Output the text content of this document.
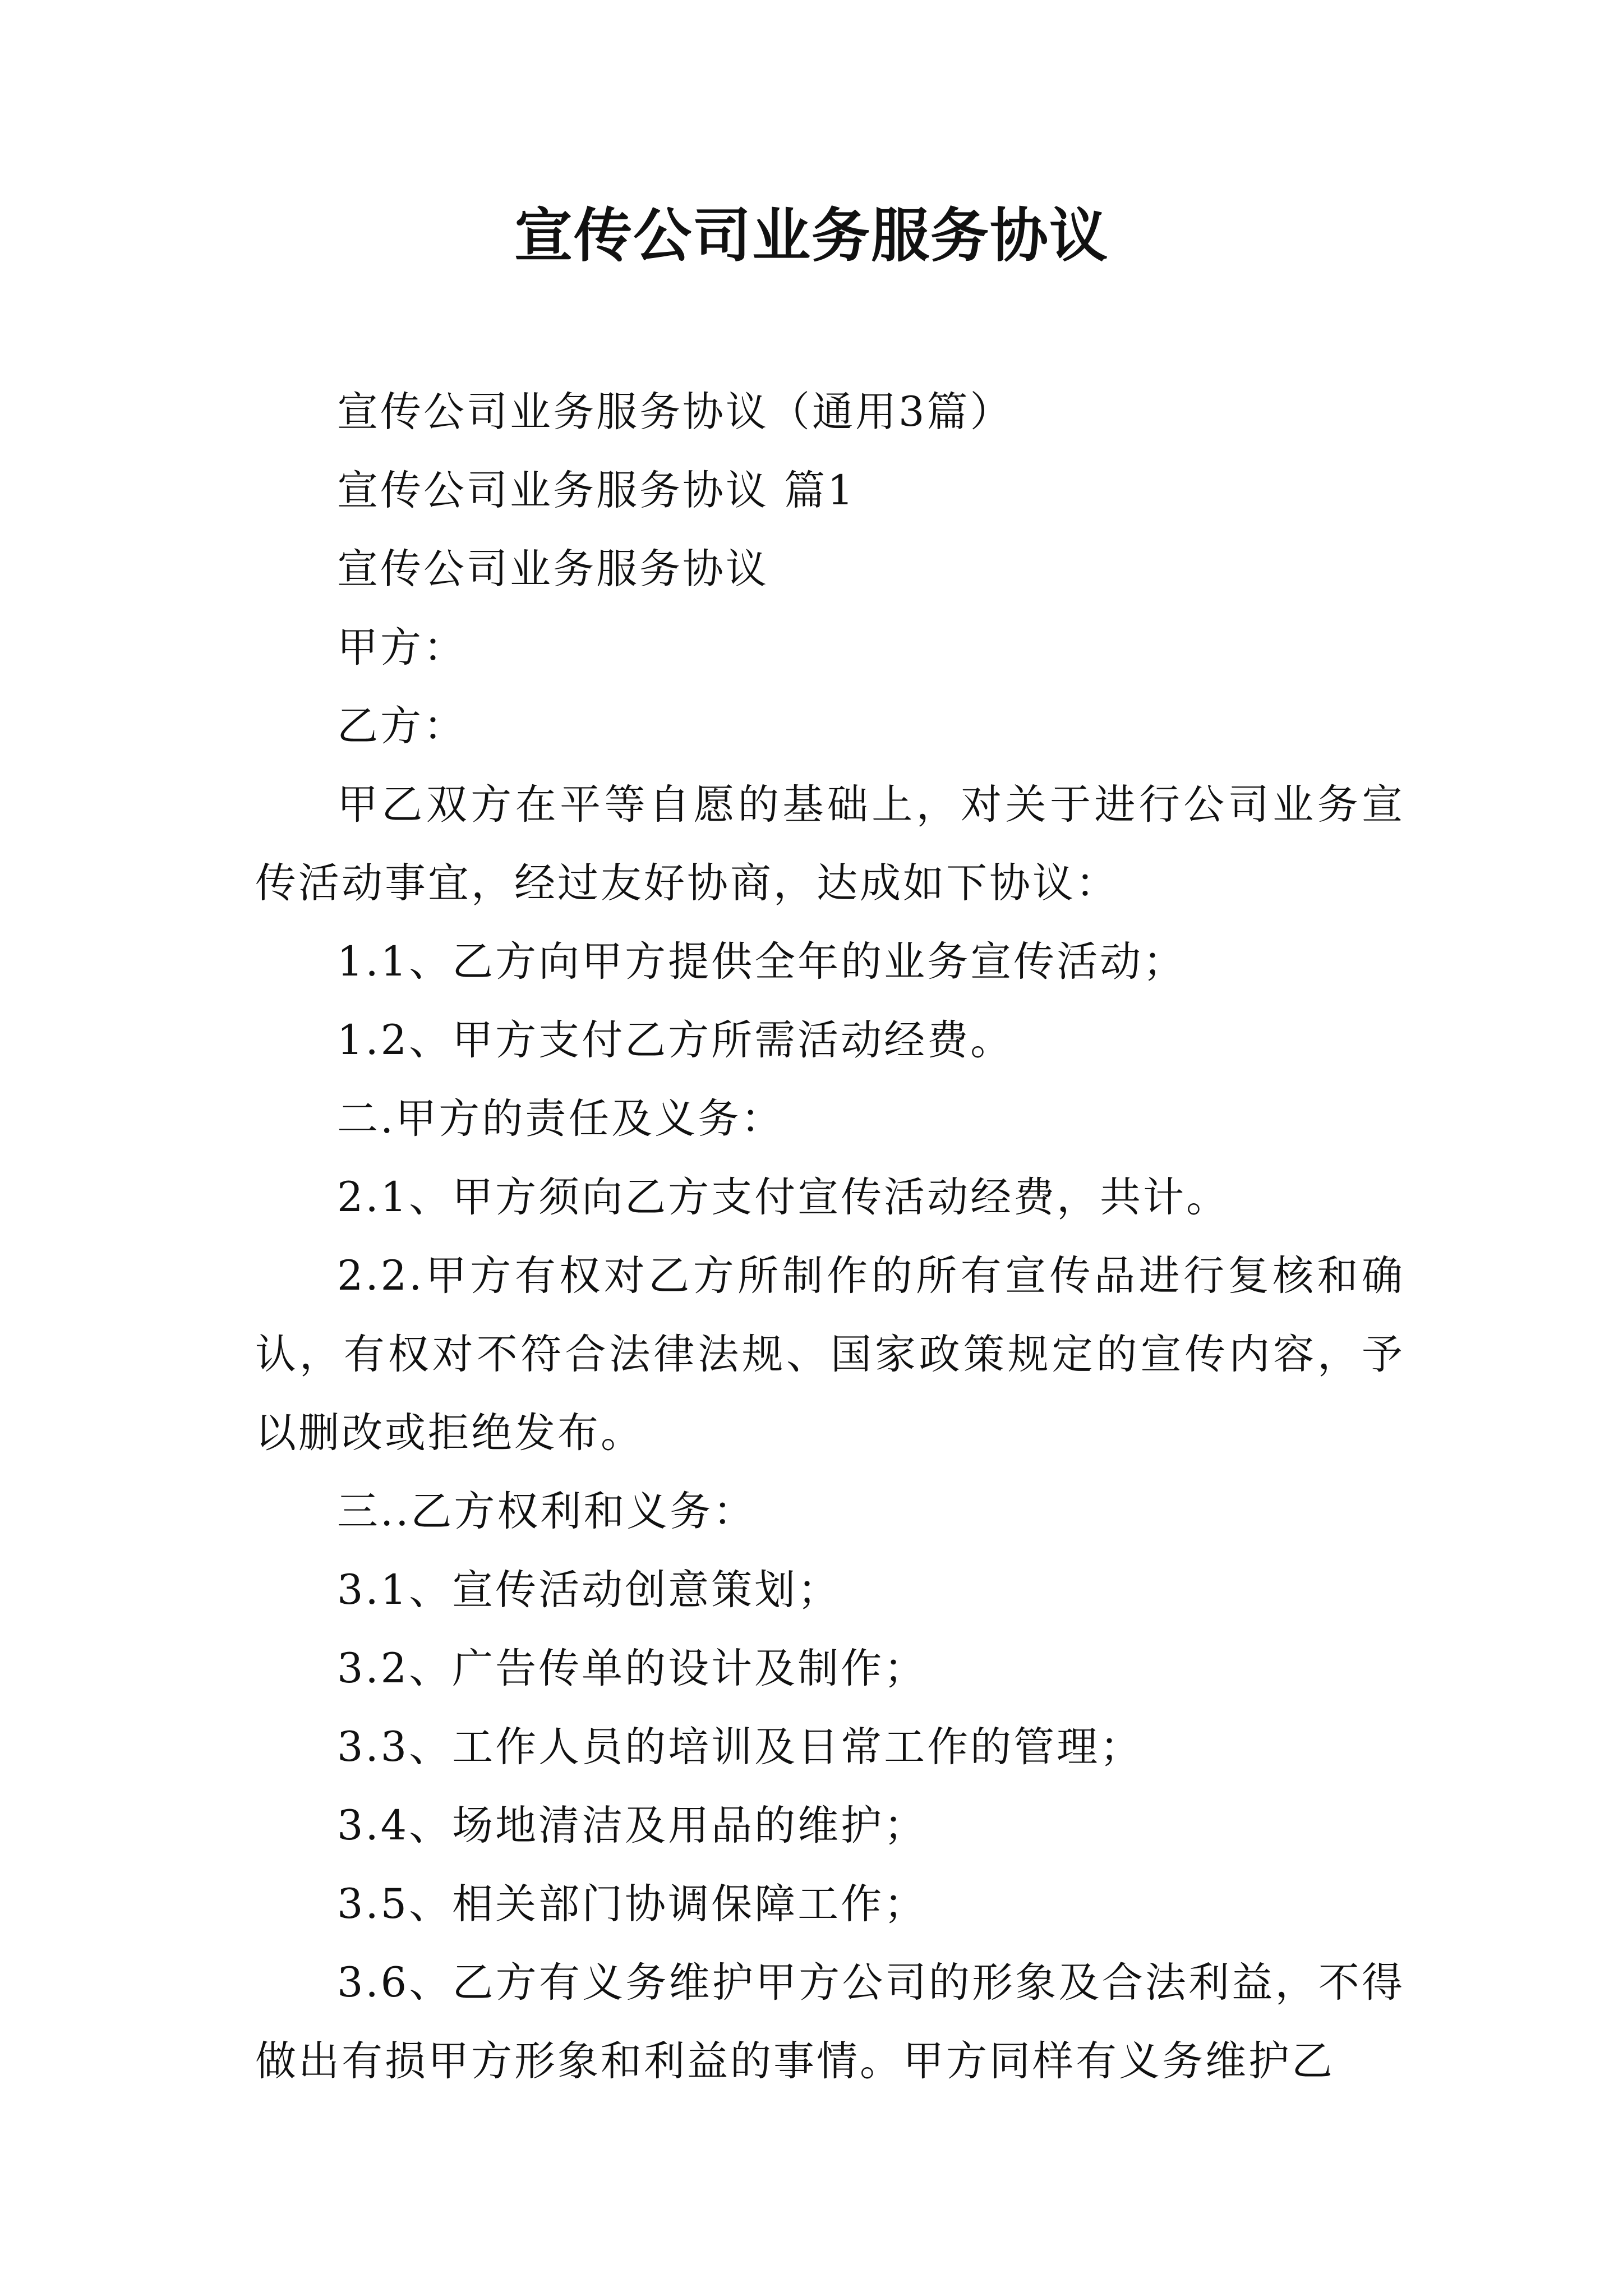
宣传公司业务服务协议

宣传公司业务服务协议（通用3篇）

宣传公司业务服务协议 篇1

宣传公司业务服务协议

甲方：

乙方：

甲乙双方在平等自愿的基础上，对关于进行公司业务宣传活动事宜，经过友好协商，达成如下协议：

1.1、乙方向甲方提供全年的业务宣传活动；

1.2、甲方支付乙方所需活动经费。

二.甲方的责任及义务：

2.1、甲方须向乙方支付宣传活动经费，共计。

2.2.甲方有权对乙方所制作的所有宣传品进行复核和确认，有权对不符合法律法规、国家政策规定的宣传内容，予以删改或拒绝发布。

三..乙方权利和义务：

3.1、宣传活动创意策划；

3.2、广告传单的设计及制作；

3.3、工作人员的培训及日常工作的管理；

3.4、场地清洁及用品的维护；

3.5、相关部门协调保障工作；

3.6、乙方有义务维护甲方公司的形象及合法利益，不得做出有损甲方形象和利益的事情。甲方同样有义务维护乙
